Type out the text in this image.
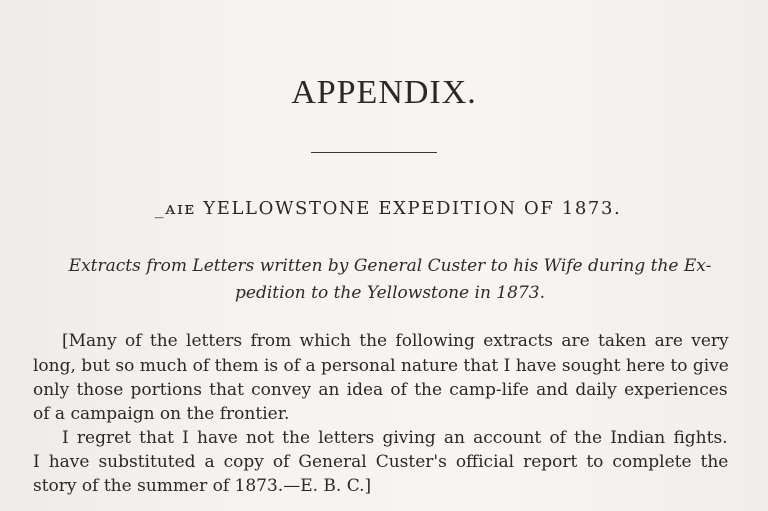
APPENDIX.
_ᴀɪᴇ YELLOWSTONE EXPEDITION OF 1873.
Extracts from Letters written by General Custer to his Wife during the Ex-
pedition to the Yellowstone in 1873.
[Many of the letters from which the following extracts are taken are very
long, but so much of them is of a personal nature that I have sought here to give
only those portions that convey an idea of the camp-life and daily experiences
of a campaign on the frontier.
I regret that I have not the letters giving an account of the Indian fights.
I have substituted a copy of General Custer's official report to complete the
story of the summer of 1873.—E. B. C.]
